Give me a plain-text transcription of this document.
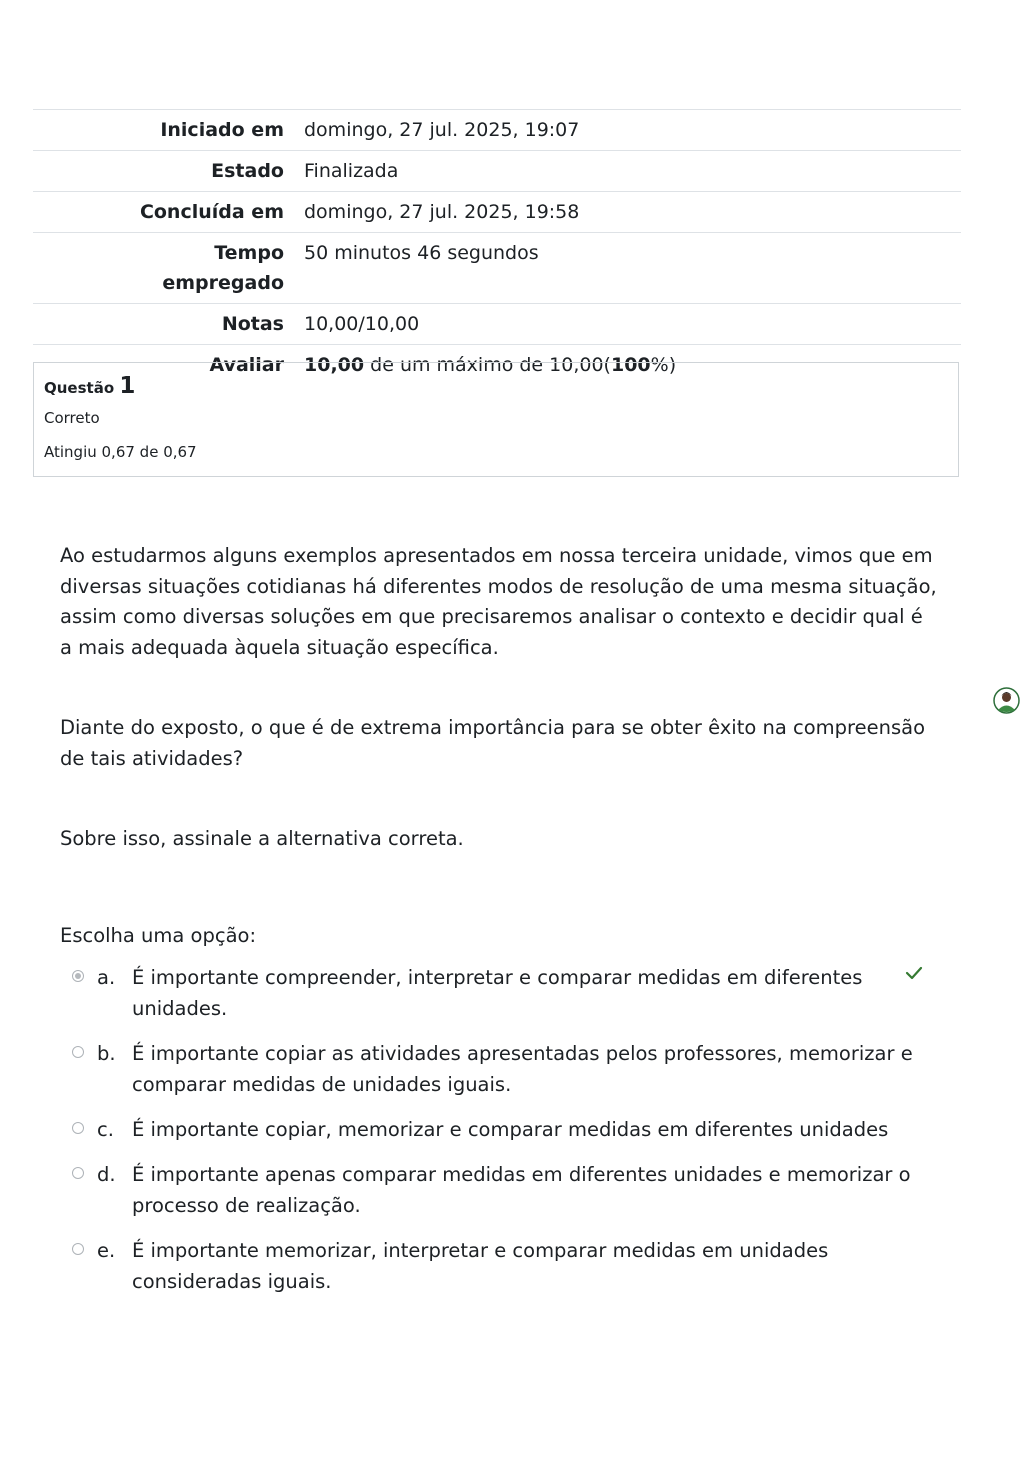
Iniciado em	domingo, 27 jul. 2025, 19:07
Estado	Finalizada
Concluída em	domingo, 27 jul. 2025, 19:58
Tempo empregado	50 minutos 46 segundos
Notas	10,00/10,00
Avaliar	10,00 de um máximo de 10,00(100%)
Questão 1
Correto
Atingiu 0,67 de 0,67

Ao estudarmos alguns exemplos apresentados em nossa terceira unidade, vimos que em diversas situações cotidianas há diferentes modos de resolução de uma mesma situação, assim como diversas soluções em que precisaremos analisar o contexto e decidir qual é a mais adequada àquela situação específica.

Diante do exposto, o que é de extrema importância para se obter êxito na compreensão de tais atividades?

Sobre isso, assinale a alternativa correta.

Escolha uma opção:
a. É importante compreender, interpretar e comparar medidas em diferentes unidades.
b. É importante copiar as atividades apresentadas pelos professores, memorizar e comparar medidas de unidades iguais.
c. É importante copiar, memorizar e comparar medidas em diferentes unidades
d. É importante apenas comparar medidas em diferentes unidades e memorizar o processo de realização.
e. É importante memorizar, interpretar e comparar medidas em unidades consideradas iguais.
